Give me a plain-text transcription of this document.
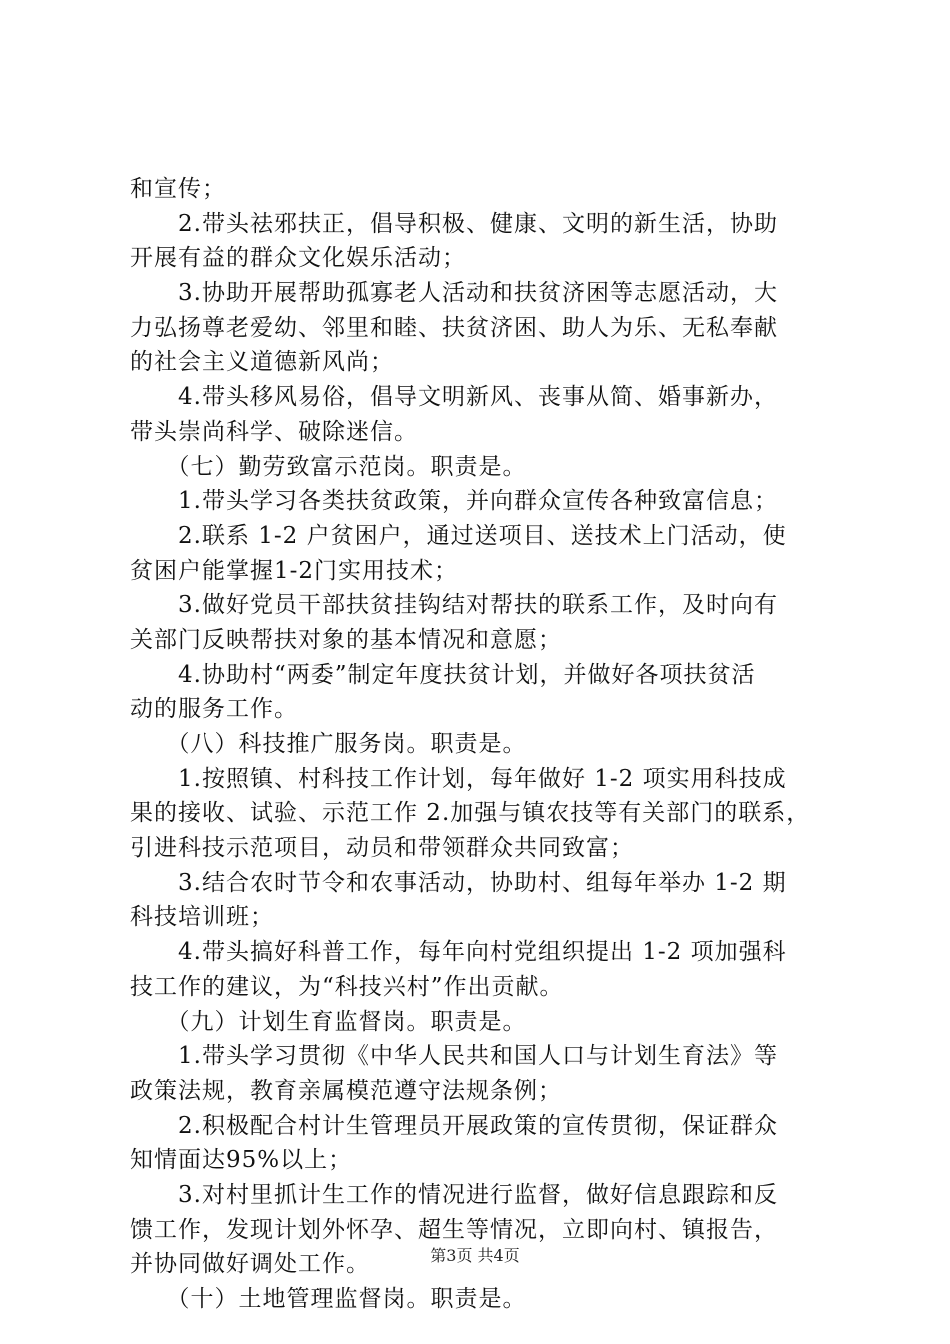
和宣传；
　　2.带头祛邪扶正，倡导积极、健康、文明的新生活，协助
开展有益的群众文化娱乐活动；
　　3.协助开展帮助孤寡老人活动和扶贫济困等志愿活动，大
力弘扬尊老爱幼、邻里和睦、扶贫济困、助人为乐、无私奉献
的社会主义道德新风尚；
　　4.带头移风易俗，倡导文明新风、丧事从简、婚事新办，
带头崇尚科学、破除迷信。
　　（七）勤劳致富示范岗。职责是。
　　1.带头学习各类扶贫政策，并向群众宣传各种致富信息；
　　2.联系 1-2 户贫困户，通过送项目、送技术上门活动，使
贫困户能掌握1-2门实用技术；
　　3.做好党员干部扶贫挂钩结对帮扶的联系工作，及时向有
关部门反映帮扶对象的基本情况和意愿；
　　4.协助村“两委”制定年度扶贫计划，并做好各项扶贫活
动的服务工作。
　　（八）科技推广服务岗。职责是。
　　1.按照镇、村科技工作计划，每年做好 1-2 项实用科技成
果的接收、试验、示范工作 2.加强与镇农技等有关部门的联系，
引进科技示范项目，动员和带领群众共同致富；
　　3.结合农时节令和农事活动，协助村、组每年举办 1-2 期
科技培训班；
　　4.带头搞好科普工作，每年向村党组织提出 1-2 项加强科
技工作的建议，为“科技兴村”作出贡献。
　　（九）计划生育监督岗。职责是。
　　1.带头学习贯彻《中华人民共和国人口与计划生育法》等
政策法规，教育亲属模范遵守法规条例；
　　2.积极配合村计生管理员开展政策的宣传贯彻，保证群众
知情面达95%以上；
　　3.对村里抓计生工作的情况进行监督，做好信息跟踪和反
馈工作，发现计划外怀孕、超生等情况，立即向村、镇报告，
并协同做好调处工作。
　　（十）土地管理监督岗。职责是。
第3页 共4页
